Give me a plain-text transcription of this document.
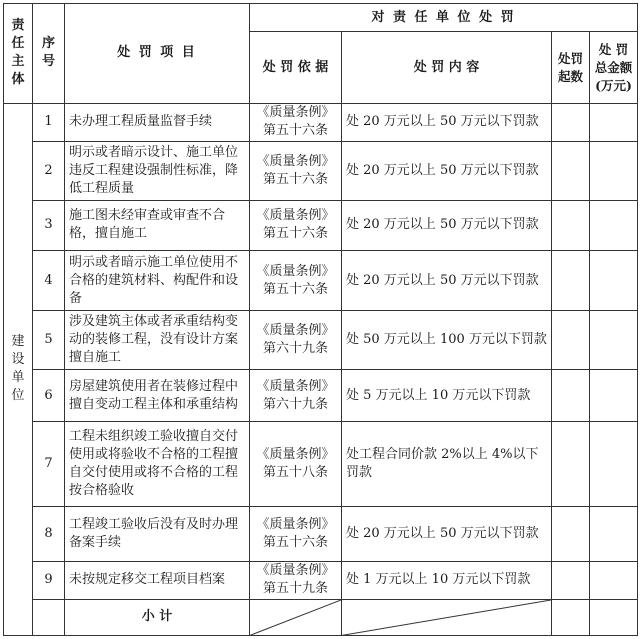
责任主体	序号	处 罚 项 目	对 责 任 单 位 处 罚			
			处 罚 依 据	处 罚 内 容	处罚起数	处 罚 总金额 (万元)
建设单位	1	未办理工程质量监督手续	《质量条例》第五十六条	处 20 万元以上 50 万元以下罚款		
	2	明示或者暗示设计、施工单位违反工程建设强制性标准，降低工程质量	《质量条例》第五十六条	处 20 万元以上 50 万元以下罚款		
	3	施工图未经审查或审查不合格，擅自施工	《质量条例》第五十六条	处 20 万元以上 50 万元以下罚款		
	4	明示或者暗示施工单位使用不合格的建筑材料、构配件和设备	《质量条例》第五十六条	处 20 万元以上 50 万元以下罚款		
	5	涉及建筑主体或者承重结构变动的装修工程，没有设计方案擅自施工	《质量条例》第六十九条	处 50 万元以上 100 万元以下罚款		
	6	房屋建筑使用者在装修过程中擅自变动工程主体和承重结构	《质量条例》第六十九条	处 5 万元以上 10 万元以下罚款		
	7	工程未组织竣工验收擅自交付使用或将验收不合格的工程擅自交付使用或将不合格的工程按合格验收	《质量条例》第五十八条	处工程合同价款 2%以上 4%以下罚款		
	8	工程竣工验收后没有及时办理备案手续	《质量条例》第五十六条	处 20 万元以上 50 万元以下罚款		
	9	未按规定移交工程项目档案	《质量条例》第五十九条	处 1 万元以上 10 万元以下罚款		
		小 计	
